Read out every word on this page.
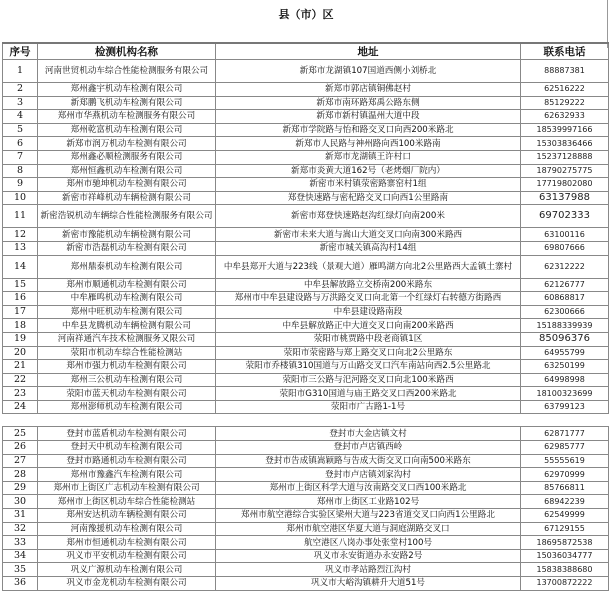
县（市）区
序号	检测机构名称	地址	联系电话
1	河南世贸机动车综合性能检测服务有限公司	新郑市龙湖镇107国道西侧小刘桥北	88887381
2	郑州鑫宇机动车检测有限公司	新郑市郭店镇铜佛赵村	62516222
3	新郑鹏飞机动车检测有限公司	新郑市南环路郑禹公路东侧	85129222
4	郑州市华燕机动车检测服务有限公司	新郑市新村镇温州大道中段	62632933
5	郑州乾富机动车检测有限公司	新郑市学院路与怡和路交叉口向西200米路北	18539997166
6	新郑市润万机动车检测有限公司	新郑市人民路与神州路向西100米路南	15303836466
7	郑州鑫必顺检测服务有限公司	新郑市龙湖镇王许村口	15237128888
8	郑州恒鑫机动车检测有限公司	新郑市炎黄大道162号（老烤烟厂院内）	18790275775
9	郑州市驰坤机动车检测有限公司	新密市米村镇荥密路寨窑村1组	17719802080
10	新密市祥峰机动车辆检测有限公司	郑登快速路与密杞路交叉口向西1公里路南	63137988
11	新密浩锐机动车辆综合性能检测服务有限公司	新密市郑登快速路赵沟红绿灯向南200米	69702333
12	新密市豫能机动车辆检测有限公司	新密市未来大道与嵩山大道交叉口向南300米路西	63100116
13	新密市浩磊机动车检测有限公司	新密市城关镇高沟村14组	69807666
14	郑州鼎泰机动车检测有限公司	中牟县郑开大道与223线（景观大道）雁鸣湖方向北2公里路西大孟镇土寨村	62312222
15	郑州市顺通机动车检测有限公司	中牟县解放路立交桥南200米路东	62126777
16	中牟雁鸣机动车检测有限公司	郑州市中牟县建设路与万洪路交叉口向北第一个红绿灯右转德方街路西	60868817
17	郑州中旺机动车检测有限公司	中牟县建设路南段	62300666
18	中牟县龙腾机动车辆检测有限公司	中牟县解放路正中大道交叉口向南200米路西	15188339939
19	河南祥通汽车技术检测服务又限公司	荥阳市桃贾路中段老商镇1区	85096376
20	荥阳市机动车综合性能检测站	荥阳市荥密路与郑上路交叉口向北2公里路东	64955799
21	郑州市强力机动车检测有限公司	荥阳市乔楼镇310国道与万山路交叉口汽车南站向西2.5公里路北	63250199
22	郑州三公机动车检测有限公司	荥阳市三公路与汜河路交叉口向北100米路西	64998998
23	荥阳市蓝天机动车检测有限公司	荥阳市G310国道与庙王路交叉口西200米路北	18100323699
24	郑州澎师机动车检测有限公司	荥阳市广古路1-1号	63799123

25	登封市蓝盾机动车检测有限公司	登封市大金店镇文村	62871777
26	登封天中机动车检测有限公司	登封市卢店镇西岭	62985777
27	登封市路通机动车检测有限公司	登封市告成镇嵩颖路与告成大街交叉口向南500米路东	55555619
28	郑州市豫鑫汽车检测有限公司	登封市卢店镇刘家沟村	62970999
29	郑州市上街区广志机动车检测有限公司	郑州市上街区科学大道与汝南路交叉口西100米路北	85766811
30	郑州市上街区机动车综合性能检测站	郑州市上街区工业路102号	68942239
31	郑州安达机动车辆检测有限公司	郑州市航空港综合实验区梁州大道与223省道交叉口向西1公里路北	62549999
32	河南豫援机动车检测有限公司	郑州市航空港区华夏大道与洞庭湖路交叉口	67129155
33	郑州市恒通机动车检测有限公司	航空港区八岗办事处张堂村100号	18695872538
34	巩义市平安机动车检测有限公司	巩义市永安街道办永安路2号	15036034777
35	巩义广源机动车检测有限公司	巩义市孝站路烈江沟村	15838388680
36	巩义市金龙机动车检测有限公司	巩义市大峪沟镇耕升大道51号	13700872222
